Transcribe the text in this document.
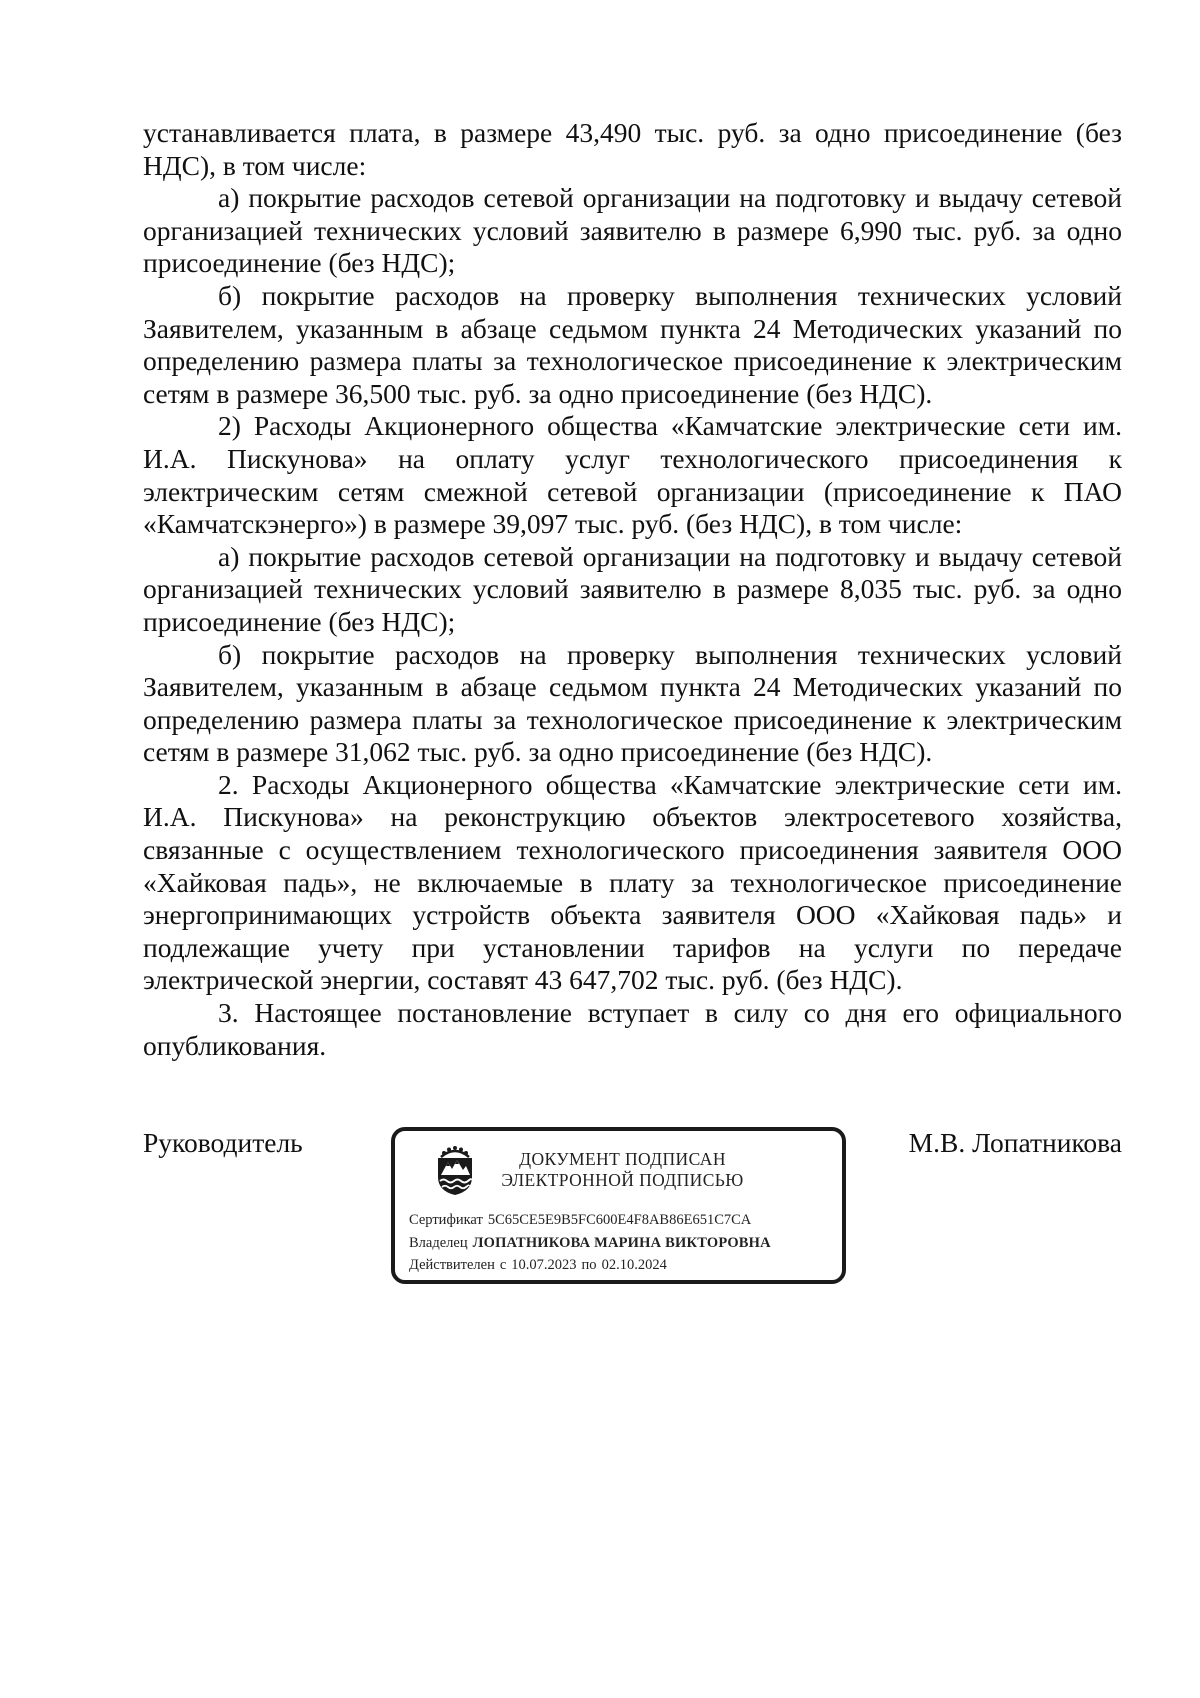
устанавливается плата, в размере 43,490 тыс. руб. за одно присоединение (без НДС), в том числе:

а) покрытие расходов сетевой организации на подготовку и выдачу сетевой организацией технических условий заявителю в размере 6,990 тыс. руб. за одно присоединение (без НДС);

б) покрытие расходов на проверку выполнения технических условий Заявителем, указанным в абзаце седьмом пункта 24 Методических указаний по определению размера платы за технологическое присоединение к электрическим сетям в размере 36,500 тыс. руб. за одно присоединение (без НДС).

2) Расходы Акционерного общества «Камчатские электрические сети им. И.А. Пискунова» на оплату услуг технологического присоединения к электрическим сетям смежной сетевой организации (присоединение к ПАО «Камчатскэнерго») в размере 39,097 тыс. руб. (без НДС), в том числе:

а) покрытие расходов сетевой организации на подготовку и выдачу сетевой организацией технических условий заявителю в размере 8,035 тыс. руб. за одно присоединение (без НДС);

б) покрытие расходов на проверку выполнения технических условий Заявителем, указанным в абзаце седьмом пункта 24 Методических указаний по определению размера платы за технологическое присоединение к электрическим сетям в размере 31,062 тыс. руб. за одно присоединение (без НДС).

2. Расходы Акционерного общества «Камчатские электрические сети им. И.А. Пискунова» на реконструкцию объектов электросетевого хозяйства, связанные с осуществлением технологического присоединения заявителя ООО «Хайковая падь», не включаемые в плату за технологическое присоединение энергопринимающих устройств объекта заявителя ООО «Хайковая падь» и подлежащие учету при установлении тарифов на услуги по передаче электрической энергии, составят 43 647,702 тыс. руб. (без НДС).

3. Настоящее постановление вступает в силу со дня его официального опубликования.

Руководитель
ДОКУМЕНТ ПОДПИСАН
ЭЛЕКТРОННОЙ ПОДПИСЬЮ
Сертификат 5C65CE5E9B5FC600E4F8AB86E651C7CA
Владелец ЛОПАТНИКОВА МАРИНА ВИКТОРОВНА
Действителен с 10.07.2023 по 02.10.2024
М.В. Лопатникова
